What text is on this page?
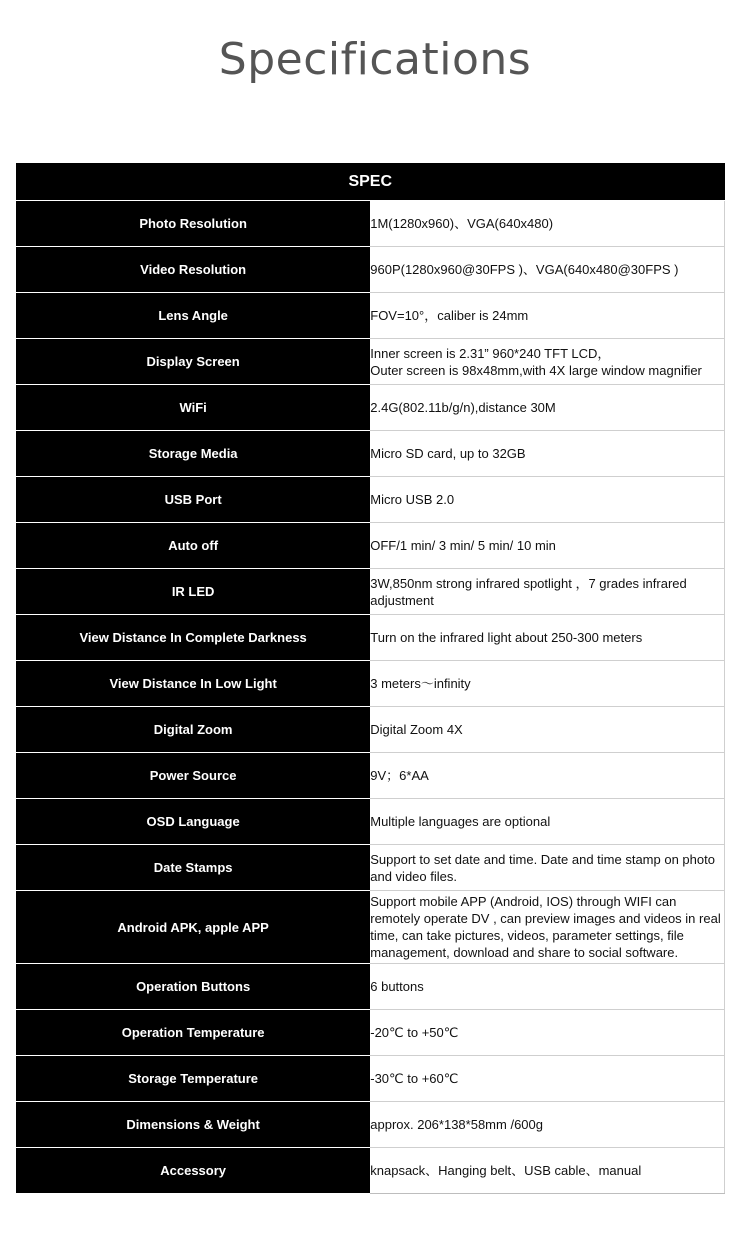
Specifications
SPEC	
Photo Resolution	1M(1280x960)、VGA(640x480)
Video Resolution	960P(1280x960@30FPS )、VGA(640x480@30FPS )
Lens Angle	FOV=10°，caliber is 24mm
Display Screen	Inner screen is 2.31” 960*240 TFT LCD，
Outer screen is 98x48mm,with 4X large window magnifier
WiFi	2.4G(802.11b/g/n),distance 30M
Storage Media	Micro SD card, up to 32GB
USB Port	Micro USB 2.0
Auto off	OFF/1 min/ 3 min/ 5 min/ 10 min
IR LED	3W,850nm strong infrared spotlight ，7 grades infrared adjustment
View Distance In Complete Darkness	Turn on the infrared light about 250-300 meters
View Distance In Low Light	3 meters～infinity
Digital Zoom	Digital Zoom 4X
Power Source	9V；6*AA
OSD Language	Multiple languages are optional
Date Stamps	Support to set date and time. Date and time stamp on photo and video files.
Android APK, apple APP	Support mobile APP (Android, IOS) through WIFI can remotely operate DV , can preview images and videos in real time, can take pictures, videos, parameter settings, file management, download and share to social software.
Operation Buttons	6 buttons
Operation Temperature	-20℃ to +50℃
Storage Temperature	-30℃ to +60℃
Dimensions & Weight	approx. 206*138*58mm /600g
Accessory	knapsack、Hanging belt、USB cable、manual
